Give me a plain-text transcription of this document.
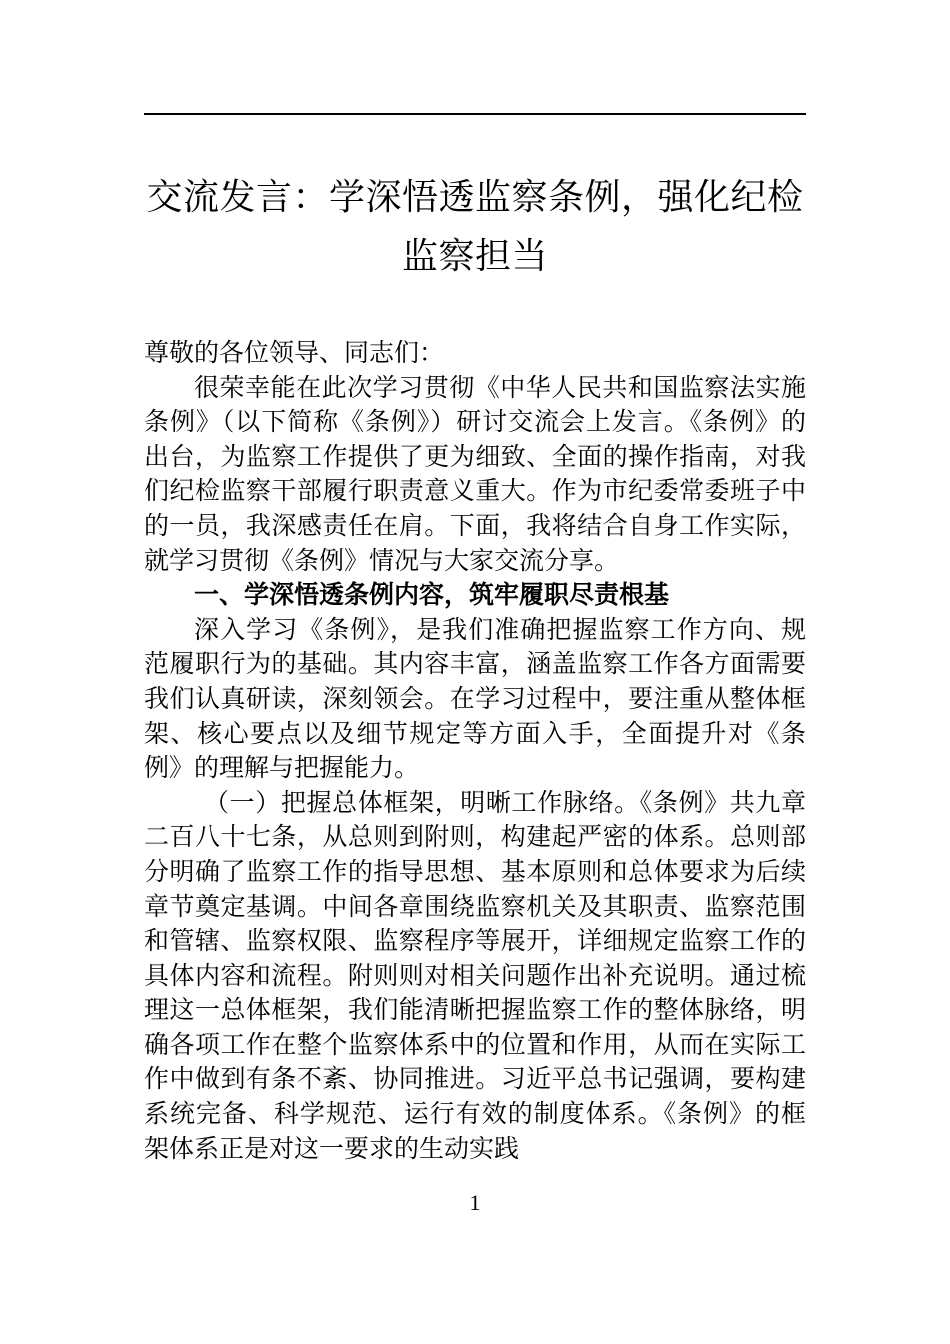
交流发言：学深悟透监察条例，强化纪检监察担当

尊敬的各位领导、同志们：

很荣幸能在此次学习贯彻《中华人民共和国监察法实施条例》（以下简称《条例》）研讨交流会上发言。《条例》的出台，为监察工作提供了更为细致、全面的操作指南，对我们纪检监察干部履行职责意义重大。作为市纪委常委班子中的一员，我深感责任在肩。下面，我将结合自身工作实际，就学习贯彻《条例》情况与大家交流分享。

一、学深悟透条例内容，筑牢履职尽责根基

深入学习《条例》，是我们准确把握监察工作方向、规范履职行为的基础。其内容丰富，涵盖监察工作各方面需要我们认真研读，深刻领会。在学习过程中，要注重从整体框架、核心要点以及细节规定等方面入手，全面提升对《条例》的理解与把握能力。

（一）把握总体框架，明晰工作脉络。《条例》共九章二百八十七条，从总则到附则，构建起严密的体系。总则部分明确了监察工作的指导思想、基本原则和总体要求为后续章节奠定基调。中间各章围绕监察机关及其职责、监察范围和管辖、监察权限、监察程序等展开，详细规定监察工作的具体内容和流程。附则则对相关问题作出补充说明。通过梳理这一总体框架，我们能清晰把握监察工作的整体脉络，明确各项工作在整个监察体系中的位置和作用，从而在实际工作中做到有条不紊、协同推进。习近平总书记强调，要构建系统完备、科学规范、运行有效的制度体系。《条例》的框架体系正是对这一要求的生动实践

1
